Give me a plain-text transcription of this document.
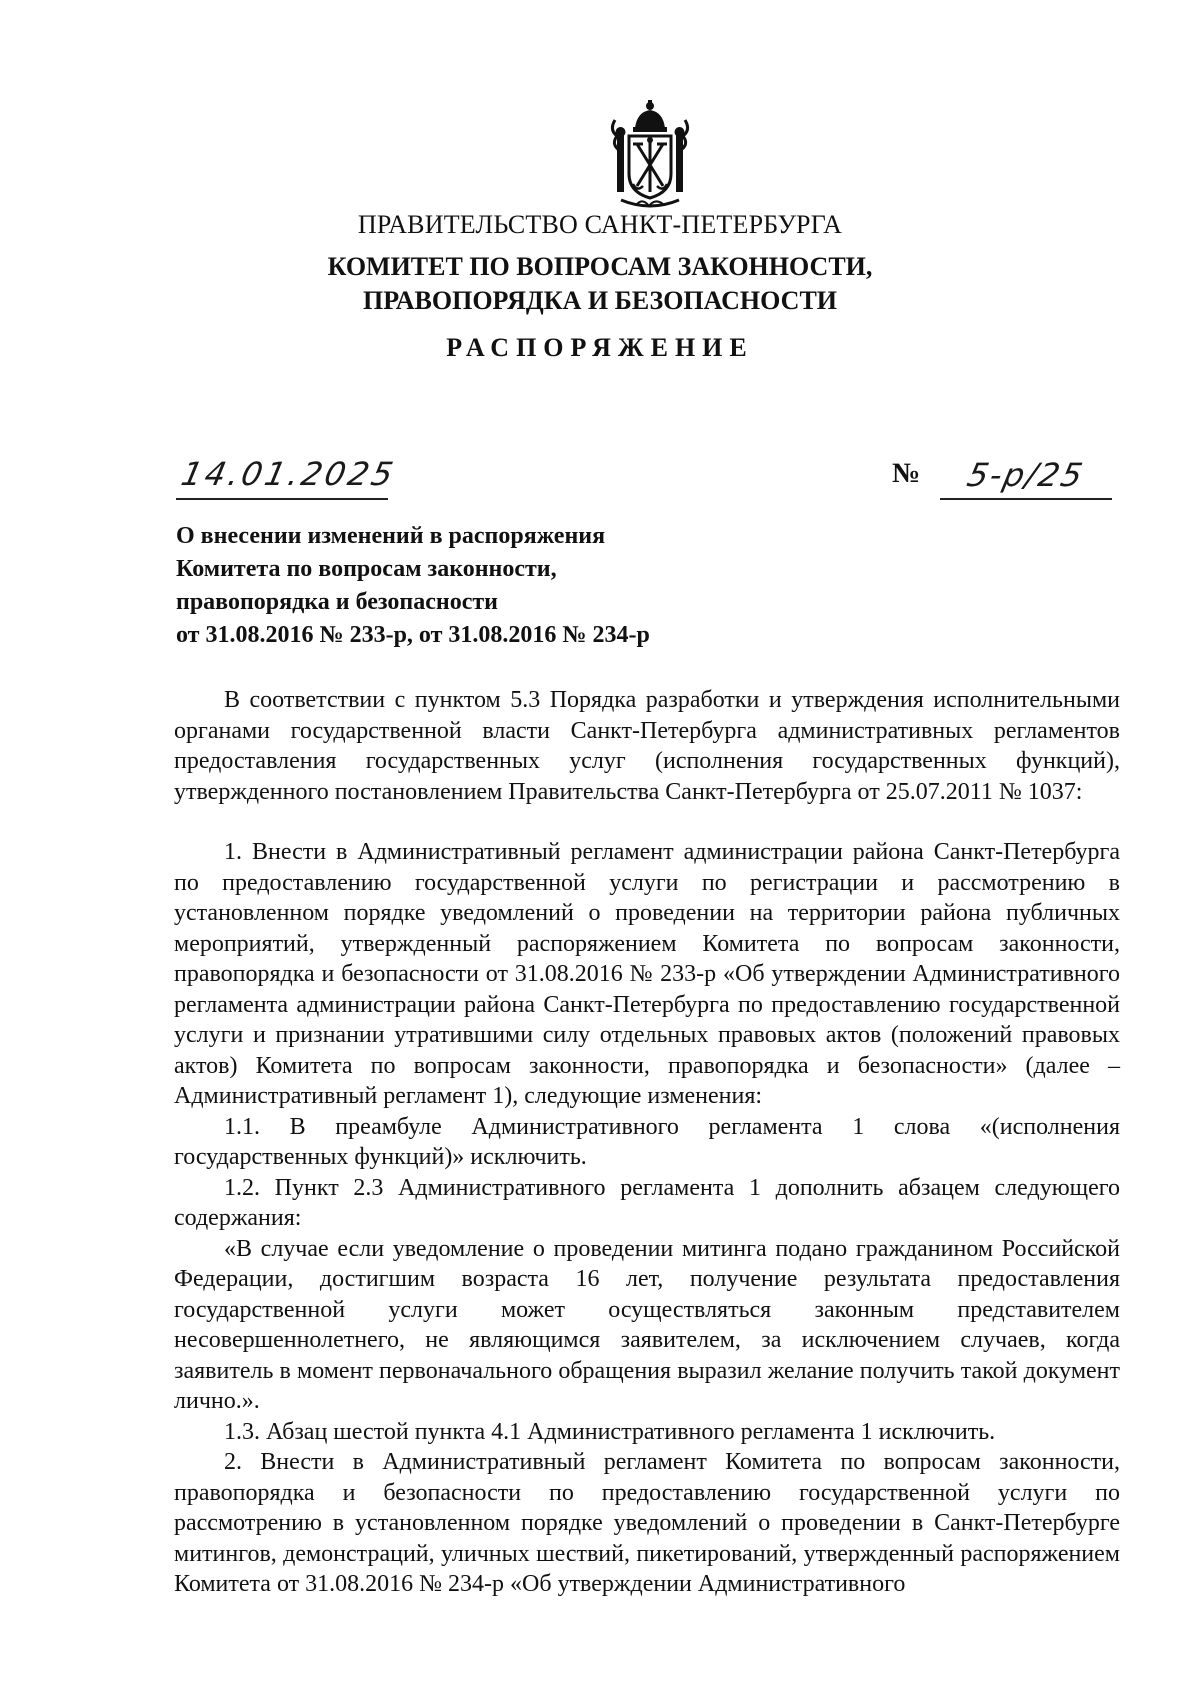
ПРАВИТЕЛЬСТВО САНКТ-ПЕТЕРБУРГА
КОМИТЕТ ПО ВОПРОСАМ ЗАКОННОСТИ,
ПРАВОПОРЯДКА И БЕЗОПАСНОСТИ
РАСПОРЯЖЕНИЕ
14.01.2025	№ 5-р/25
О внесении изменений в распоряжения
Комитета по вопросам законности,
правопорядка и безопасности
от 31.08.2016 № 233-р, от 31.08.2016 № 234-р

В соответствии с пунктом 5.3 Порядка разработки и утверждения исполнительными органами государственной власти Санкт-Петербурга административных регламентов предоставления государственных услуг (исполнения государственных функций), утвержденного постановлением Правительства Санкт-Петербурга от 25.07.2011 № 1037:

1. Внести в Административный регламент администрации района Санкт-Петербурга по предоставлению государственной услуги по регистрации и рассмотрению в установленном порядке уведомлений о проведении на территории района публичных мероприятий, утвержденный распоряжением Комитета по вопросам законности, правопорядка и безопасности от 31.08.2016 № 233-р «Об утверждении Административного регламента администрации района Санкт-Петербурга по предоставлению государственной услуги и признании утратившими силу отдельных правовых актов (положений правовых актов) Комитета по вопросам законности, правопорядка и безопасности» (далее – Административный регламент 1), следующие изменения:

1.1. В преамбуле Административного регламента 1 слова «(исполнения государственных функций)» исключить.

1.2. Пункт 2.3 Административного регламента 1 дополнить абзацем следующего содержания:

«В случае если уведомление о проведении митинга подано гражданином Российской Федерации, достигшим возраста 16 лет, получение результата предоставления государственной услуги может осуществляться законным представителем несовершеннолетнего, не являющимся заявителем, за исключением случаев, когда заявитель в момент первоначального обращения выразил желание получить такой документ лично.».

1.3. Абзац шестой пункта 4.1 Административного регламента 1 исключить.

2. Внести в Административный регламент Комитета по вопросам законности, правопорядка и безопасности по предоставлению государственной услуги по рассмотрению в установленном порядке уведомлений о проведении в Санкт-Петербурге митингов, демонстраций, уличных шествий, пикетирований, утвержденный распоряжением Комитета от 31.08.2016 № 234-р «Об утверждении Административного
